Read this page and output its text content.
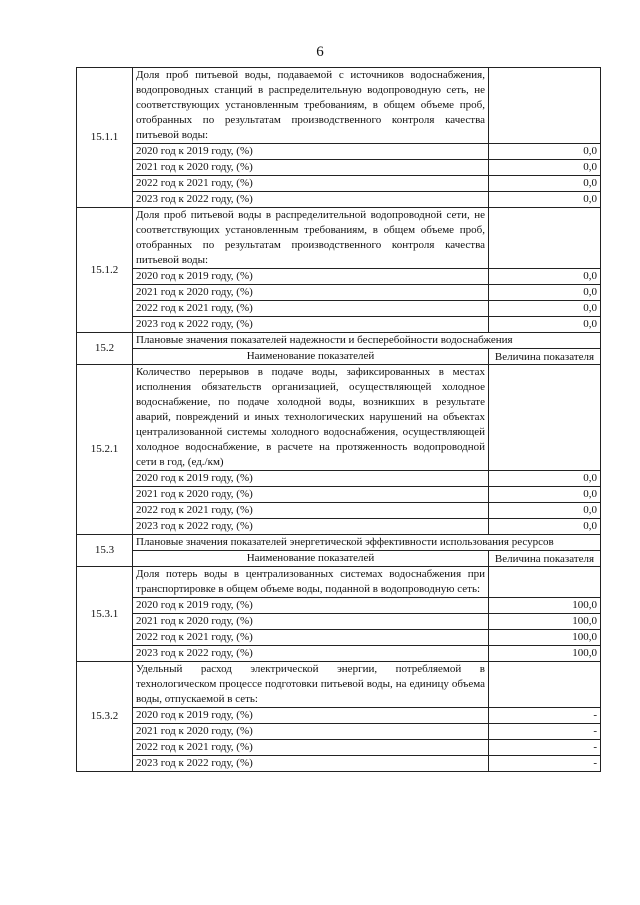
6
15.1.1	Доля проб питьевой воды, подаваемой с источников водоснабжения, водопроводных станций в распределительную водопроводную сеть, не соответствующих установленным требованиям, в общем объеме проб, отобранных по результатам производственного контроля качества питьевой воды:	
	2020 год к 2019 году, (%)	0,0
	2021 год к 2020 году, (%)	0,0
	2022 год к 2021 году, (%)	0,0
	2023 год к 2022 году, (%)	0,0
15.1.2	Доля проб питьевой воды в распределительной водопроводной сети, не соответствующих установленным требованиям, в общем объеме проб, отобранных по результатам производственного контроля качества питьевой воды:	
	2020 год к 2019 году, (%)	0,0
	2021 год к 2020 году, (%)	0,0
	2022 год к 2021 году, (%)	0,0
	2023 год к 2022 году, (%)	0,0
15.2	Плановые значения показателей надежности и бесперебойности водоснабжения	
	Наименование показателей	Величина показателя
15.2.1	Количество перерывов в подаче воды, зафиксированных в местах исполнения обязательств организацией, осуществляющей холодное водоснабжение, по подаче холодной воды, возникших в результате аварий, повреждений и иных технологических нарушений на объектах централизованной системы холодного водоснабжения, осуществляющей холодное водоснабжение, в расчете на протяженность водопроводной сети в год, (ед./км)	
	2020 год к 2019 году, (%)	0,0
	2021 год к 2020 году, (%)	0,0
	2022 год к 2021 году, (%)	0,0
	2023 год к 2022 году, (%)	0,0
15.3	Плановые значения показателей энергетической эффективности использования ресурсов	
	Наименование показателей	Величина показателя
15.3.1	Доля потерь воды в централизованных системах водоснабжения при транспортировке в общем объеме воды, поданной в водопроводную сеть:	
	2020 год к 2019 году, (%)	100,0
	2021 год к 2020 году, (%)	100,0
	2022 год к 2021 году, (%)	100,0
	2023 год к 2022 году, (%)	100,0
15.3.2	Удельный расход электрической энергии, потребляемой в технологическом процессе подготовки питьевой воды, на единицу объема воды, отпускаемой в сеть:	
	2020 год к 2019 году, (%)	-
	2021 год к 2020 году, (%)	-
	2022 год к 2021 году, (%)	-
	2023 год к 2022 году, (%)	-
